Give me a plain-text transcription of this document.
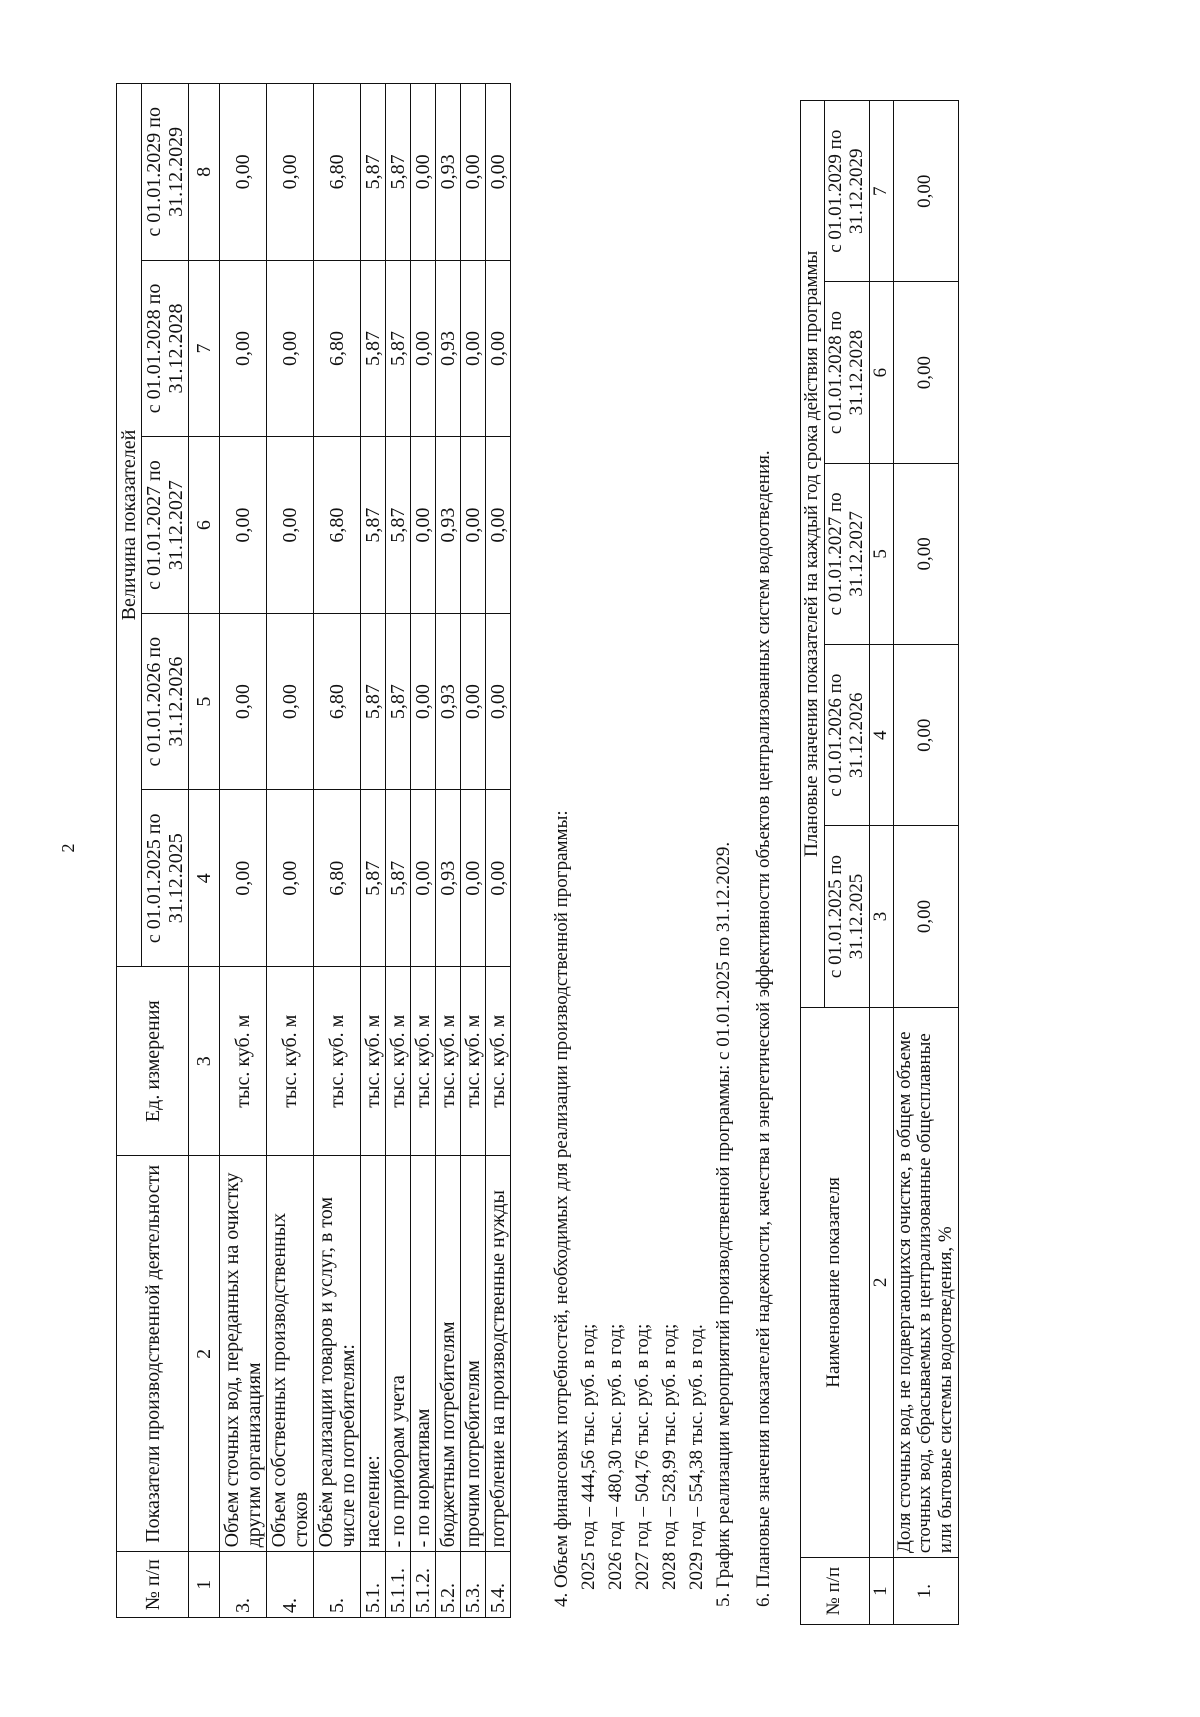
2
№ п/п	Показатели производственной деятельности	Ед. измерения	Величина показателей				
			с 01.01.2025 по 31.12.2025	с 01.01.2026 по 31.12.2026	с 01.01.2027 по 31.12.2027	с 01.01.2028 по 31.12.2028	с 01.01.2029 по 31.12.2029
1	2	3	4	5	6	7	8
3.	Объем сточных вод, переданных на очистку другим организациям	тыс. куб. м	0,00	0,00	0,00	0,00	0,00
4.	Объем собственных производственных стоков	тыс. куб. м	0,00	0,00	0,00	0,00	0,00
5.	Объём реализации товаров и услуг, в том числе по потребителям:	тыс. куб. м	6,80	6,80	6,80	6,80	6,80
5.1.	население:	тыс. куб. м	5,87	5,87	5,87	5,87	5,87
5.1.1.	- по приборам учета	тыс. куб. м	5,87	5,87	5,87	5,87	5,87
5.1.2.	- по нормативам	тыс. куб. м	0,00	0,00	0,00	0,00	0,00
5.2.	бюджетным потребителям	тыс. куб. м	0,93	0,93	0,93	0,93	0,93
5.3.	прочим потребителям	тыс. куб. м	0,00	0,00	0,00	0,00	0,00
5.4.	потребление на производственные нужды	тыс. куб. м	0,00	0,00	0,00	0,00	0,00
4. Объем финансовых потребностей, необходимых для реализации производственной программы: 2025 год – 444,56 тыс. руб. в год; 2026 год – 480,30 тыс. руб. в год; 2027 год – 504,76 тыс. руб. в год; 2028 год – 528,99 тыс. руб. в год; 2029 год – 554,38 тыс. руб. в год. 5. График реализации мероприятий производственной программы: с 01.01.2025 по 31.12.2029. 6. Плановые значения показателей надежности, качества и энергетической эффективности объектов централизованных систем водоотведения.	№ п/п	Наименование показателя	Плановые значения показателей на каждый год срока действия программы				
		с 01.01.2025 по 31.12.2025	с 01.01.2026 по 31.12.2026	с 01.01.2027 по 31.12.2027	с 01.01.2028 по 31.12.2028	с 01.01.2029 по 31.12.2029
1	2	3	4	5	6	7
1.	Доля сточных вод, не подвергающихся очистке, в общем объеме сточных вод, сбрасываемых в централизованные общесплавные или бытовые системы водоотведения, %	0,00	0,00	0,00	0,00	0,00
